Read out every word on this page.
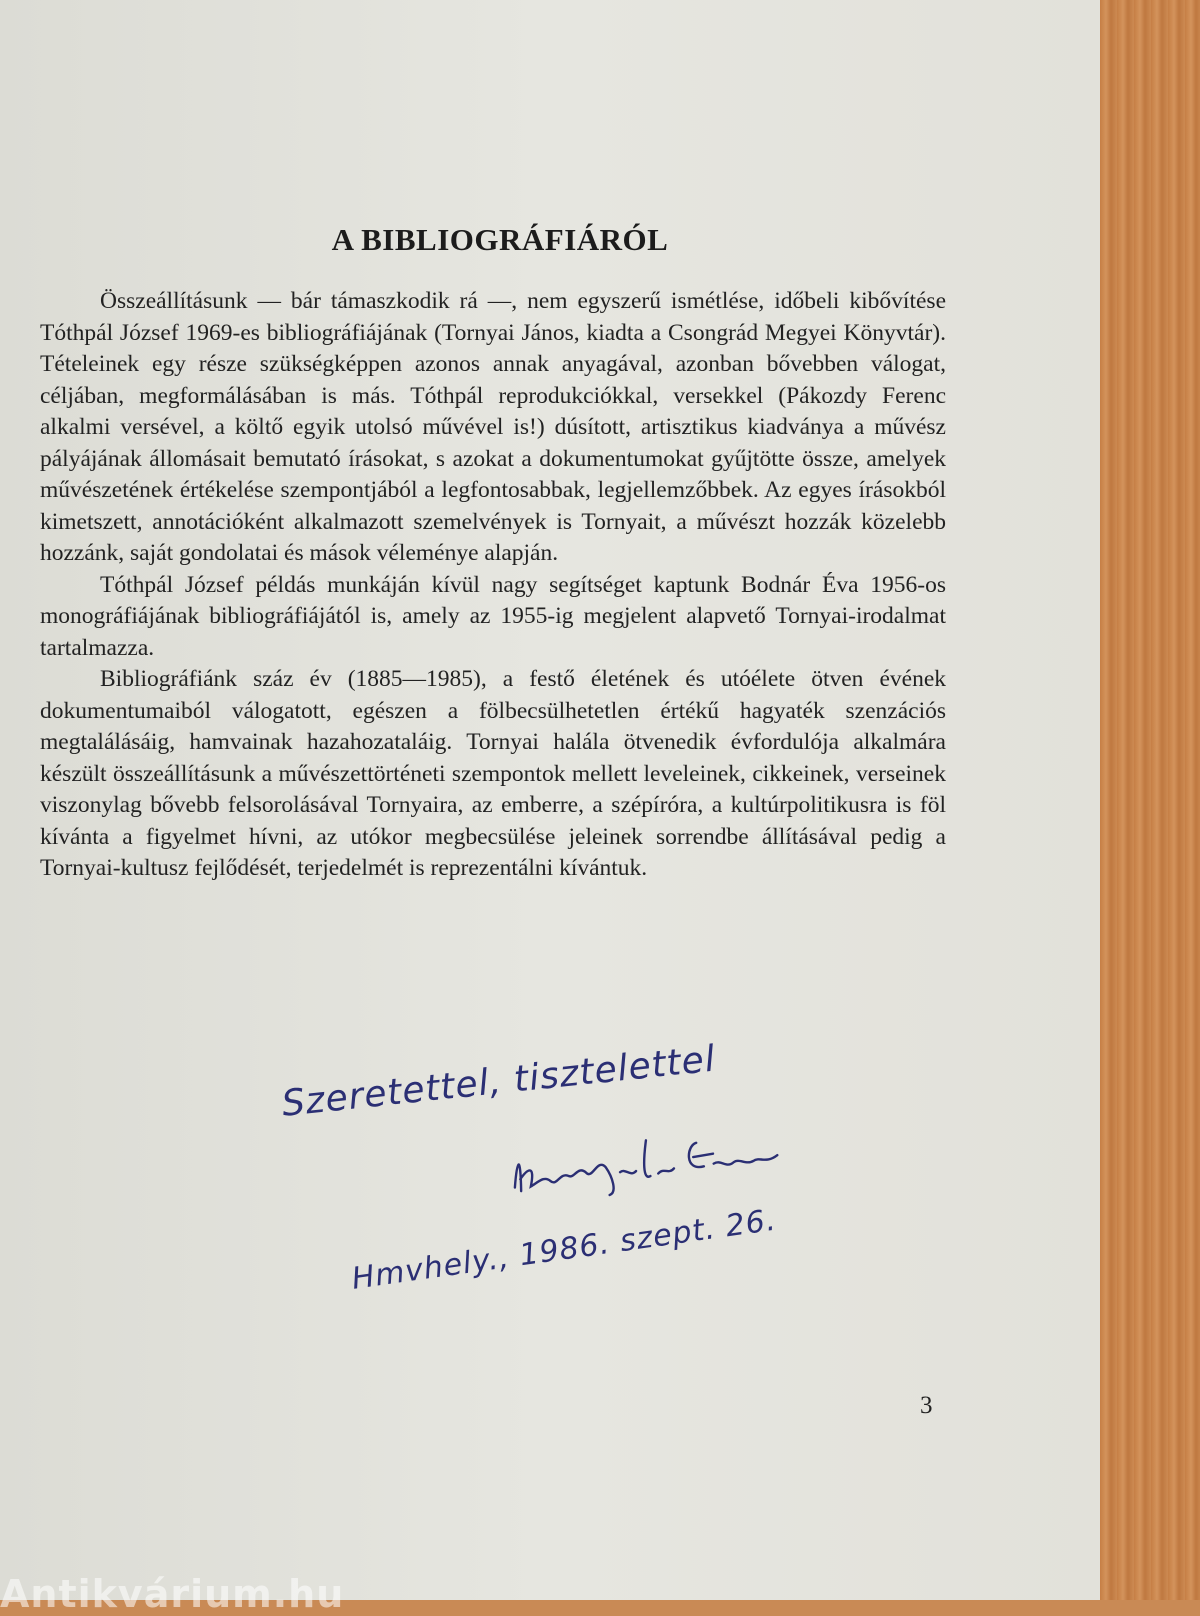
A BIBLIOGRÁFIÁRÓL

Összeállításunk — bár támaszkodik rá —, nem egyszerű ismétlése, időbeli kibővítése Tóthpál József 1969-es bibliográfiájának (Tornyai János, kiadta a Csongrád Megyei Könyvtár). Tételeinek egy része szükségképpen azonos annak anyagával, azonban bővebben válogat, céljában, megformálásában is más. Tóthpál reprodukciókkal, versekkel (Pákozdy Ferenc alkalmi versével, a költő egyik utolsó művével is!) dúsított, artisztikus kiadványa a művész pályájának állomásait bemutató írásokat, s azokat a dokumentumokat gyűjtötte össze, amelyek művészetének értékelése szempontjából a legfontosabbak, legjellemzőbbek. Az egyes írásokból kimetszett, annotációként alkalmazott szemelvények is Tornyait, a művészt hozzák közelebb hozzánk, saját gondolatai és mások véleménye alapján.

Tóthpál József példás munkáján kívül nagy segítséget kaptunk Bodnár Éva 1956-os monográfiájának bibliográfiájától is, amely az 1955-ig megjelent alapvető Tornyai-irodalmat tartalmazza.

Bibliográfiánk száz év (1885—1985), a festő életének és utóélete ötven évének dokumentumaiból válogatott, egészen a fölbecsülhetetlen értékű hagyaték szenzációs megtalálásáig, hamvainak hazahozataláig. Tornyai halála ötvenedik évfordulója alkalmára készült összeállításunk a művészettörténeti szempontok mellett leveleinek, cikkeinek, verseinek viszonylag bővebb felsorolásával Tornyaira, az emberre, a szépíróra, a kultúrpolitikusra is föl kívánta a figyelmet hívni, az utókor megbecsülése jeleinek sorrendbe állításával pedig a Tornyai-kultusz fejlődését, terjedelmét is reprezentálni kívántuk.

Szeretettel, tisztelettel

Hmvhely., 1986. szept. 26.

3

Antikvárium.hu
